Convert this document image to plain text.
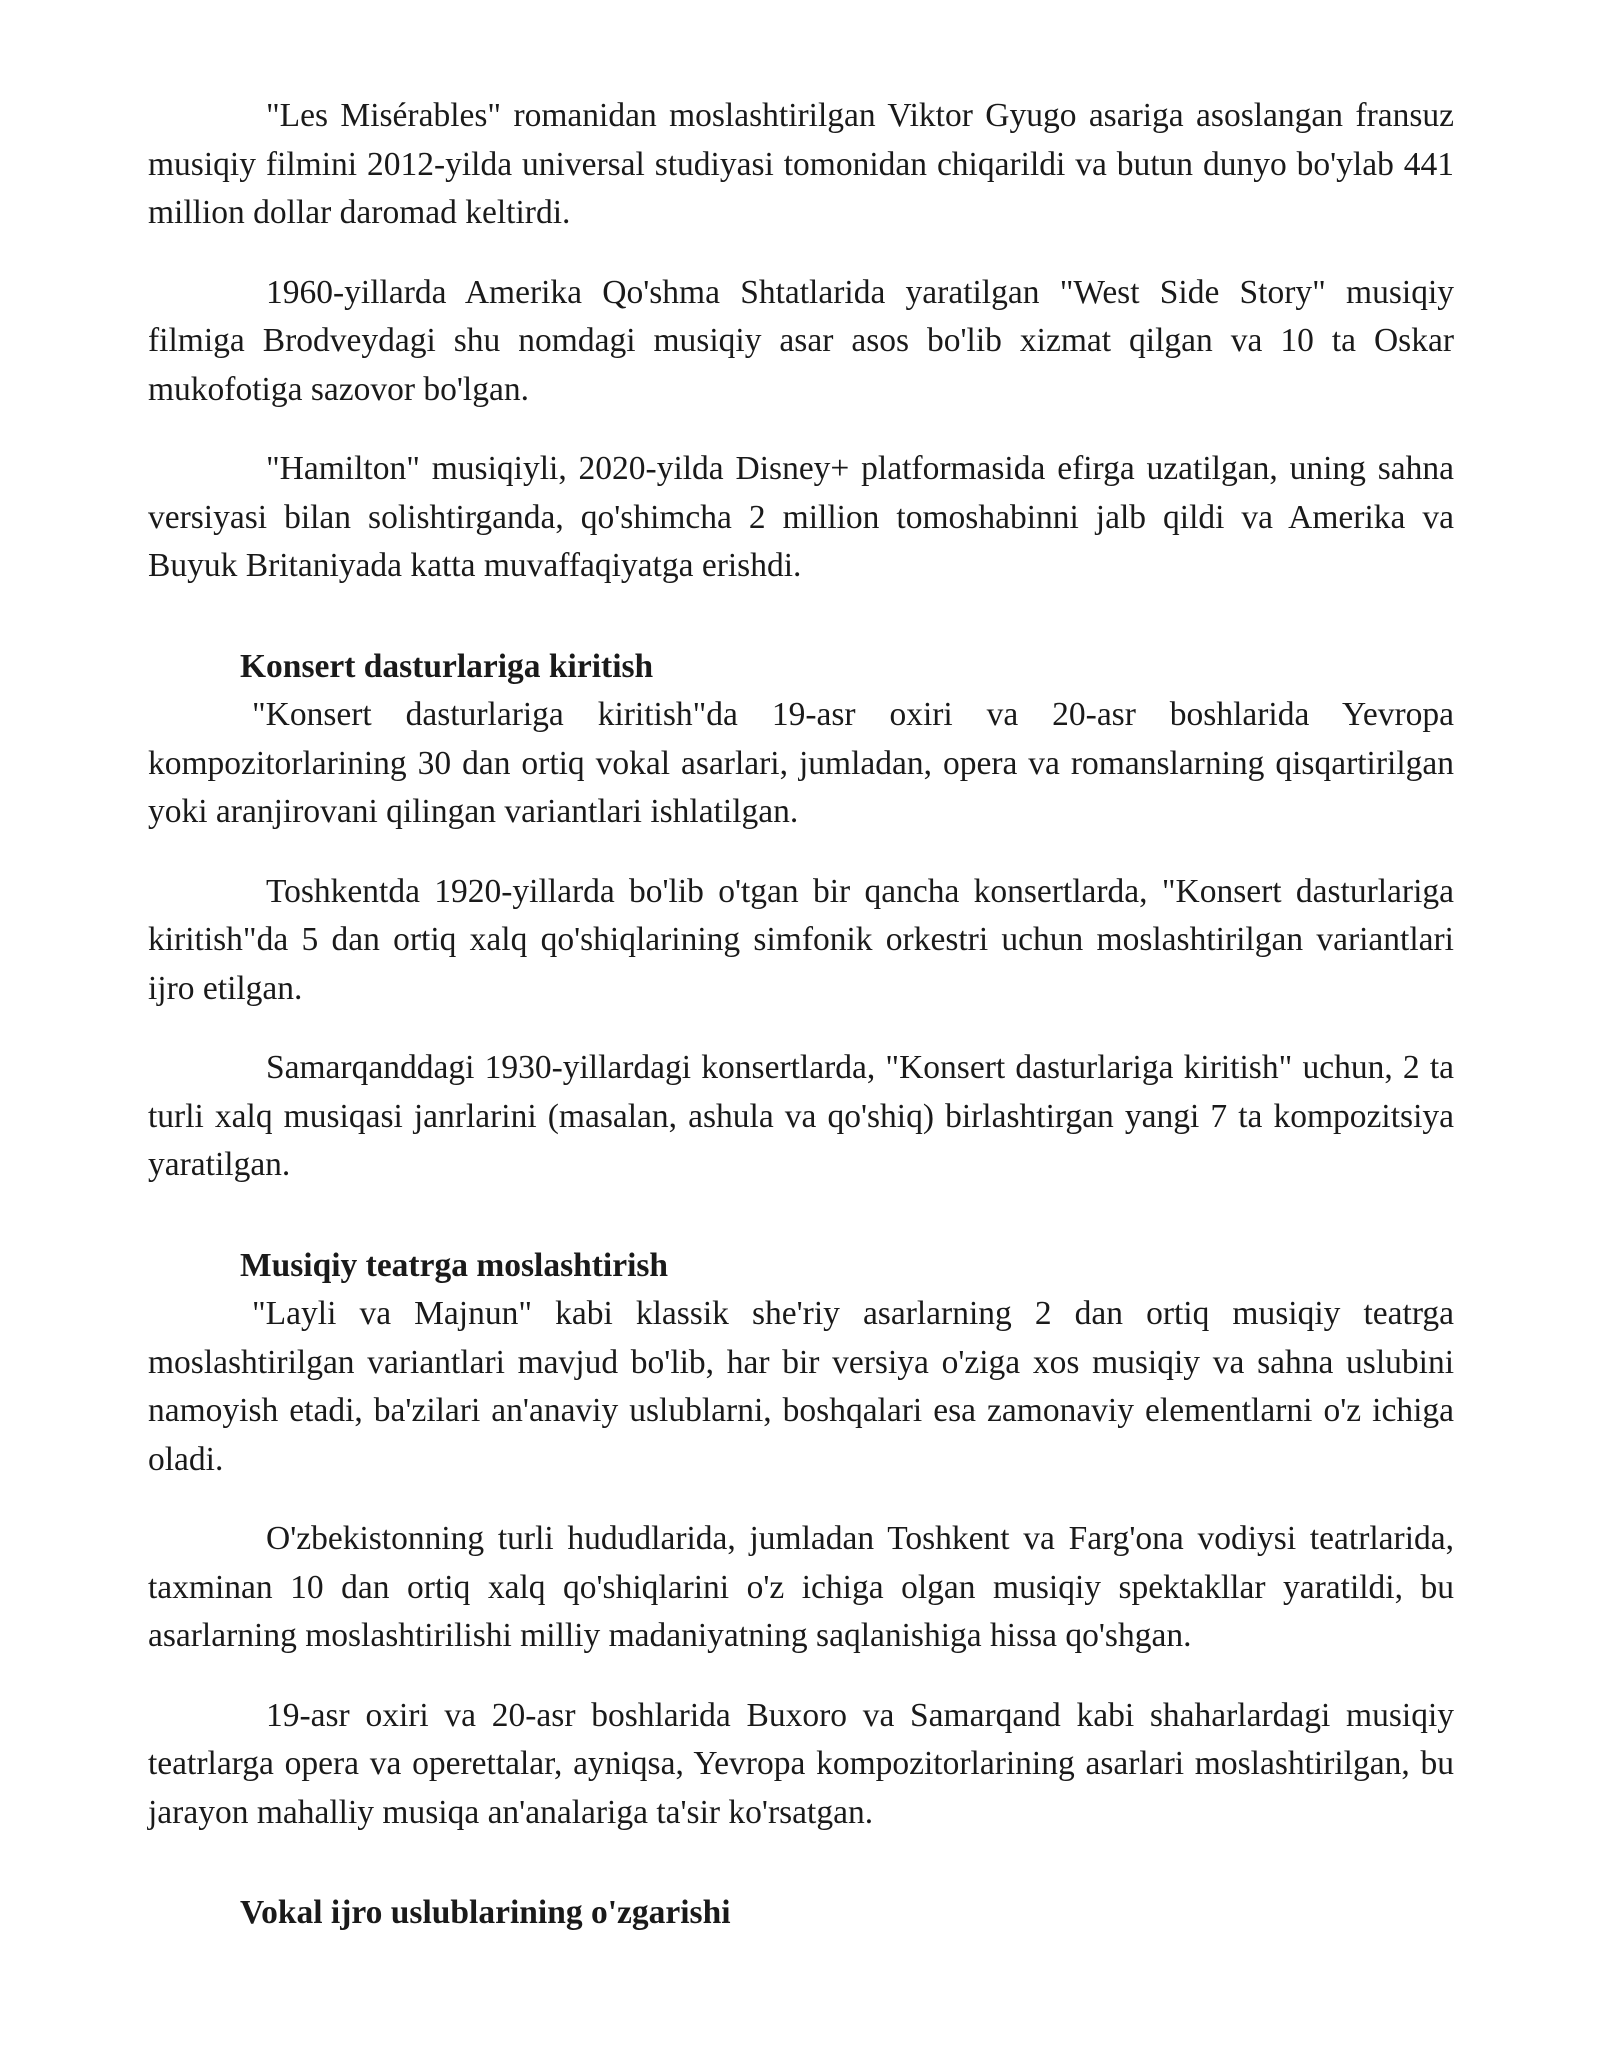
"Les Misérables" romanidan moslashtirilgan Viktor Gyugo asariga asoslangan fransuz musiqiy filmini 2012-yilda universal studiyasi tomonidan chiqarildi va butun dunyo bo'ylab 441 million dollar daromad keltirdi.

1960-yillarda Amerika Qo'shma Shtatlarida yaratilgan "West Side Story" musiqiy filmiga Brodveydagi shu nomdagi musiqiy asar asos bo'lib xizmat qilgan va 10 ta Oskar mukofotiga sazovor bo'lgan.

"Hamilton" musiqiyli, 2020-yilda Disney+ platformasida efirga uzatilgan, uning sahna versiyasi bilan solishtirganda, qo'shimcha 2 million tomoshabinni jalb qildi va Amerika va Buyuk Britaniyada katta muvaffaqiyatga erishdi.

Konsert dasturlariga kiritish

"Konsert dasturlariga kiritish"da 19-asr oxiri va 20-asr boshlarida Yevropa kompozitorlarining 30 dan ortiq vokal asarlari, jumladan, opera va romanslarning qisqartirilgan yoki aranjirovani qilingan variantlari ishlatilgan.

Toshkentda 1920-yillarda bo'lib o'tgan bir qancha konsertlarda, "Konsert dasturlariga kiritish"da 5 dan ortiq xalq qo'shiqlarining simfonik orkestri uchun moslashtirilgan variantlari ijro etilgan.

Samarqanddagi 1930-yillardagi konsertlarda, "Konsert dasturlariga kiritish" uchun, 2 ta turli xalq musiqasi janrlarini (masalan, ashula va qo'shiq) birlashtirgan yangi 7 ta kompozitsiya yaratilgan.

Musiqiy teatrga moslashtirish

"Layli va Majnun" kabi klassik she'riy asarlarning 2 dan ortiq musiqiy teatrga moslashtirilgan variantlari mavjud bo'lib, har bir versiya o'ziga xos musiqiy va sahna uslubini namoyish etadi, ba'zilari an'anaviy uslublarni, boshqalari esa zamonaviy elementlarni o'z ichiga oladi.

O'zbekistonning turli hududlarida, jumladan Toshkent va Farg'ona vodiysi teatrlarida, taxminan 10 dan ortiq xalq qo'shiqlarini o'z ichiga olgan musiqiy spektakllar yaratildi, bu asarlarning moslashtirilishi milliy madaniyatning saqlanishiga hissa qo'shgan.

19-asr oxiri va 20-asr boshlarida Buxoro va Samarqand kabi shaharlardagi musiqiy teatrlarga opera va operettalar, ayniqsa, Yevropa kompozitorlarining asarlari moslashtirilgan, bu jarayon mahalliy musiqa an'analariga ta'sir ko'rsatgan.

Vokal ijro uslublarining o'zgarishi
